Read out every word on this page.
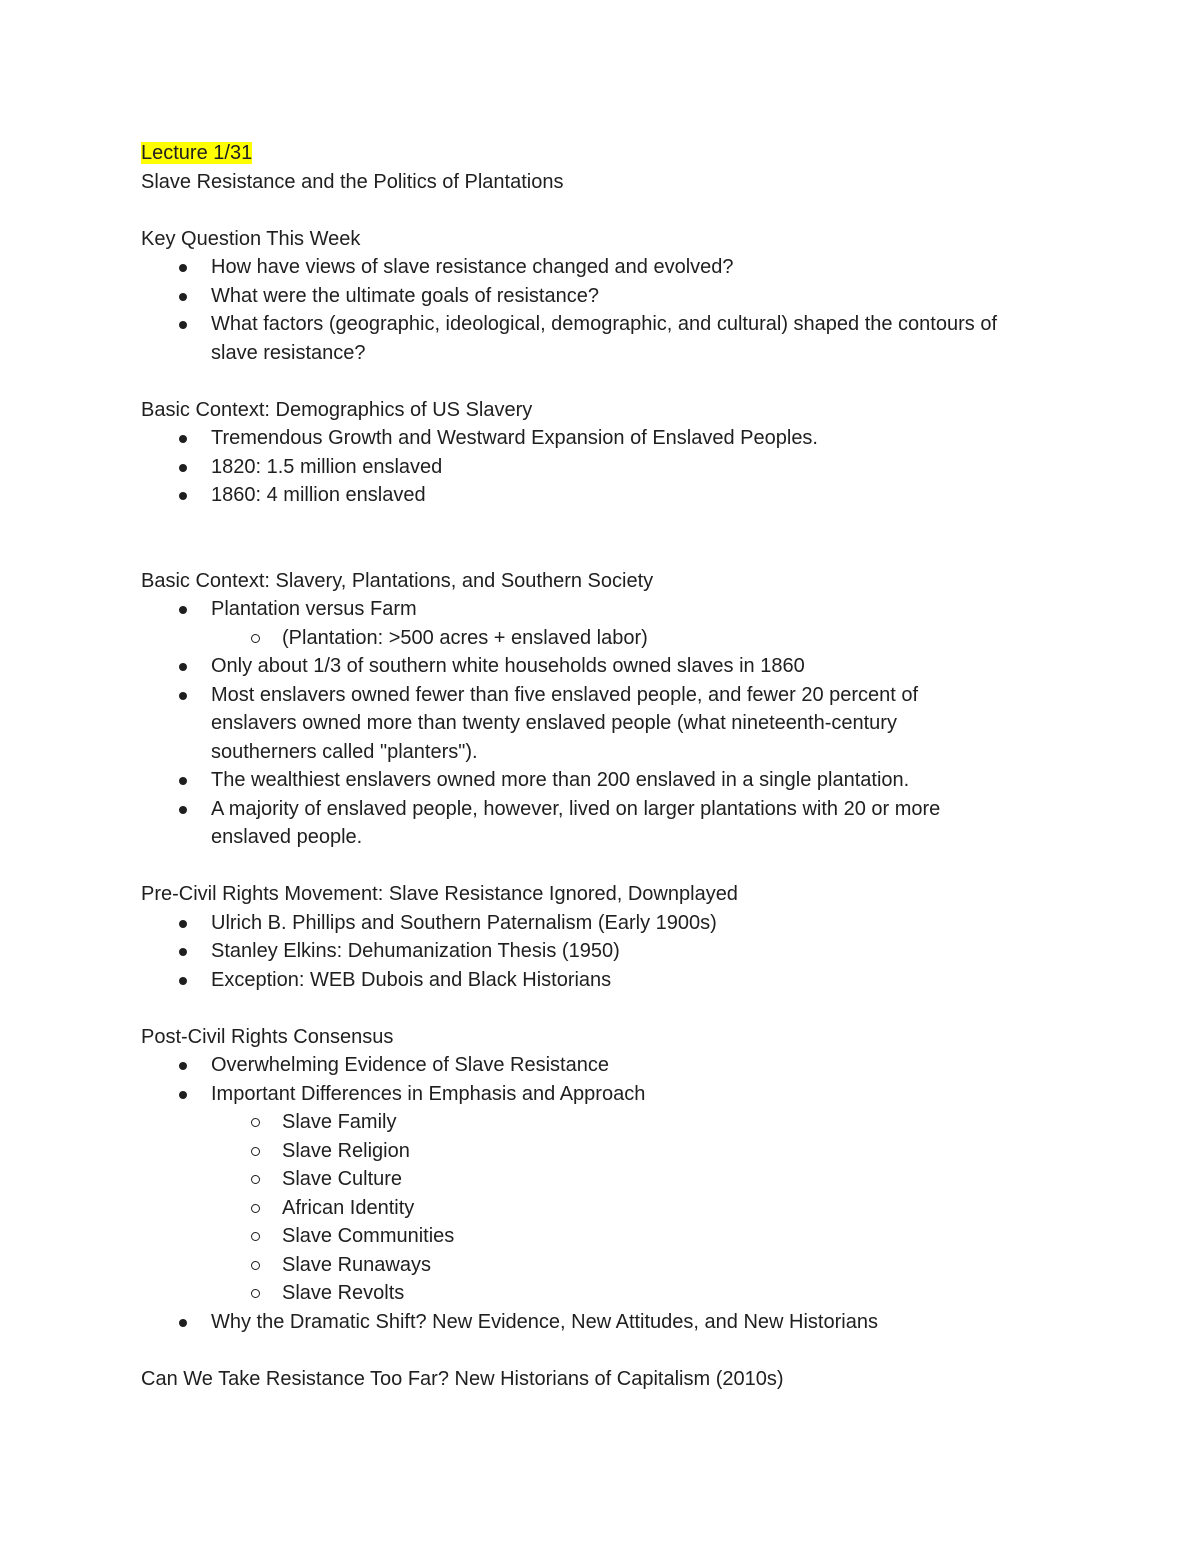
Lecture 1/31

Slave Resistance and the Politics of Plantations

Key Question This Week

How have views of slave resistance changed and evolved?
What were the ultimate goals of resistance?
What factors (geographic, ideological, demographic, and cultural) shaped the contours of slave resistance?

Basic Context: Demographics of US Slavery

Tremendous Growth and Westward Expansion of Enslaved Peoples.
1820: 1.5 million enslaved
1860: 4 million enslaved

Basic Context: Slavery, Plantations, and Southern Society

Plantation versus Farm
(Plantation: >500 acres + enslaved labor)
Only about 1/3 of southern white households owned slaves in 1860
Most enslavers owned fewer than five enslaved people, and fewer 20 percent of enslavers owned more than twenty enslaved people (what nineteenth-century southerners called "planters").
The wealthiest enslavers owned more than 200 enslaved in a single plantation.
A majority of enslaved people, however, lived on larger plantations with 20 or more enslaved people.

Pre-Civil Rights Movement: Slave Resistance Ignored, Downplayed

Ulrich B. Phillips and Southern Paternalism (Early 1900s)
Stanley Elkins: Dehumanization Thesis (1950)
Exception: WEB Dubois and Black Historians

Post-Civil Rights Consensus

Overwhelming Evidence of Slave Resistance
Important Differences in Emphasis and Approach
Slave Family
Slave Religion
Slave Culture
African Identity
Slave Communities
Slave Runaways
Slave Revolts
Why the Dramatic Shift? New Evidence, New Attitudes, and New Historians

Can We Take Resistance Too Far? New Historians of Capitalism (2010s)
